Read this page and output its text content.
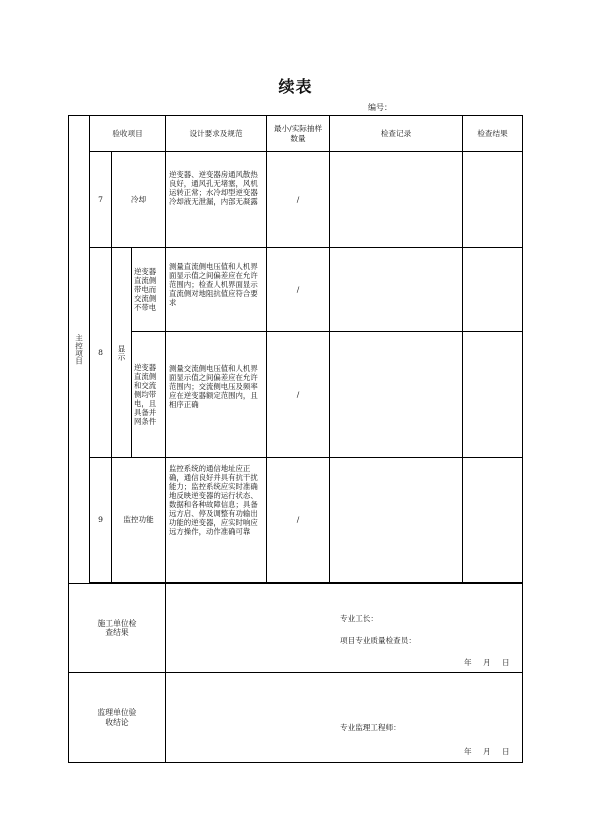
续表
编号：
主控项目	验收项目			设计要求及规范	最小/实际抽样数量	检查记录	检查结果
	7	冷却		逆变器、逆变器房通风散热良好，通风孔无堵塞，风机运转正常；水冷却型逆变器冷却液无泄漏，内部无凝露	/		
	8	显示	逆变器直流侧带电而交流侧不带电	测量直流侧电压值和人机界面显示值之间偏差应在允许范围内；检查人机界面显示直流侧对地阻抗值应符合要求	/		
			逆变器直流侧和交流侧均带电，且具备并网条件	测量交流侧电压值和人机界面显示值之间偏差应在允许范围内；交流侧电压及频率应在逆变器额定范围内，且相序正确	/		
	9	监控功能		监控系统的通信地址应正确，通信良好并具有抗干扰能力；监控系统应实时准确地反映逆变器的运行状态、数据和各种故障信息；具备远方启、停及调整有功输出功能的逆变器，应实时响应远方操作，动作准确可靠	/		

施工单位检查结果				专业工长：
项目专业质量检查员：
年 月 日			

监理单位验收结论				专业监理工程师：
年 月 日			
